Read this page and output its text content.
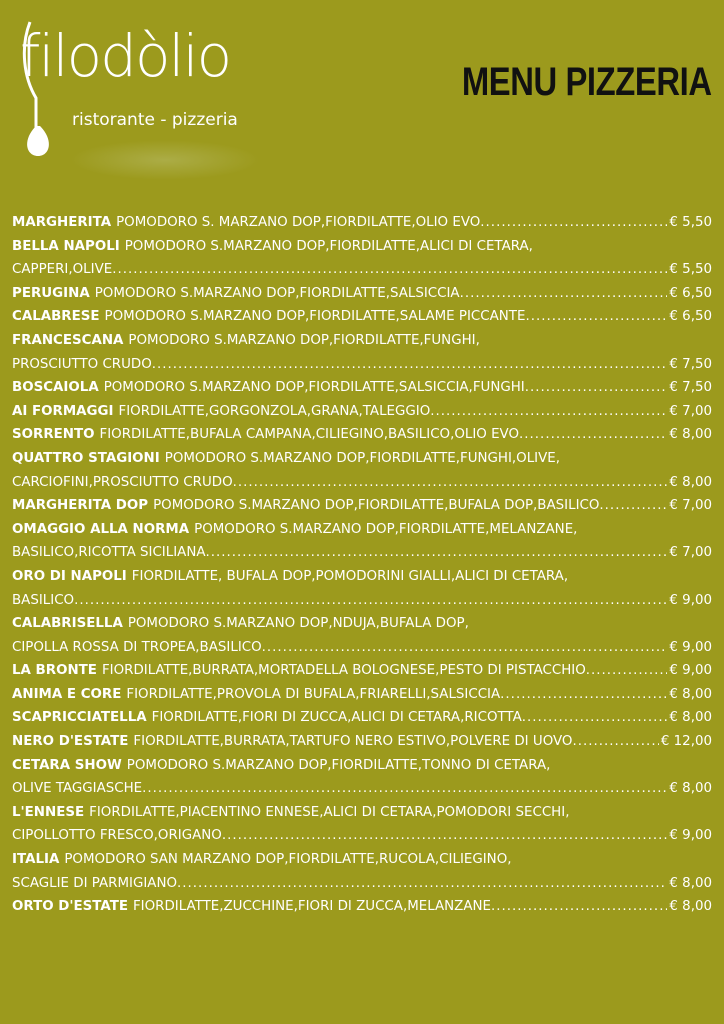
filodòlio
ristorante - pizzeria
MENU PIZZERIA
MARGHERITA POMODORO S. MARZANO DOP,FIORDILATTE,OLIO EVO .....	€ 5,50
BELLA NAPOLI POMODORO S.MARZANO DOP,FIORDILATTE,ALICI DI CETARA,
CAPPERI,OLIVE .....	€ 5,50
PERUGINA POMODORO S.MARZANO DOP,FIORDILATTE,SALSICCIA .....	€ 6,50
CALABRESE POMODORO S.MARZANO DOP,FIORDILATTE,SALAME PICCANTE .....	€ 6,50
FRANCESCANA POMODORO S.MARZANO DOP,FIORDILATTE,FUNGHI,
PROSCIUTTO CRUDO .....	€ 7,50
BOSCAIOLA POMODORO S.MARZANO DOP,FIORDILATTE,SALSICCIA,FUNGHI .....	€ 7,50
AI FORMAGGI FIORDILATTE,GORGONZOLA,GRANA,TALEGGIO .....	€ 7,00
SORRENTO FIORDILATTE,BUFALA CAMPANA,CILIEGINO,BASILICO,OLIO EVO .....	€ 8,00
QUATTRO STAGIONI POMODORO S.MARZANO DOP,FIORDILATTE,FUNGHI,OLIVE,
CARCIOFINI,PROSCIUTTO CRUDO .....	€ 8,00
MARGHERITA DOP POMODORO S.MARZANO DOP,FIORDILATTE,BUFALA DOP,BASILICO .....	€ 7,00
OMAGGIO ALLA NORMA POMODORO S.MARZANO DOP,FIORDILATTE,MELANZANE,
BASILICO,RICOTTA SICILIANA .....	€ 7,00
ORO DI NAPOLI FIORDILATTE, BUFALA DOP,POMODORINI GIALLI,ALICI DI CETARA,
BASILICO .....	€ 9,00
CALABRISELLA POMODORO S.MARZANO DOP,NDUJA,BUFALA DOP,
CIPOLLA ROSSA DI TROPEA,BASILICO .....	€ 9,00
LA BRONTE FIORDILATTE,BURRATA,MORTADELLA BOLOGNESE,PESTO DI PISTACCHIO .....	€ 9,00
ANIMA E CORE FIORDILATTE,PROVOLA DI BUFALA,FRIARELLI,SALSICCIA .....	€ 8,00
SCAPRICCIATELLA FIORDILATTE,FIORI DI ZUCCA,ALICI DI CETARA,RICOTTA .....	€ 8,00
NERO D'ESTATE FIORDILATTE,BURRATA,TARTUFO NERO ESTIVO,POLVERE DI UOVO .....	€ 12,00
CETARA SHOW POMODORO S.MARZANO DOP,FIORDILATTE,TONNO DI CETARA,
OLIVE TAGGIASCHE .....	€ 8,00
L'ENNESE FIORDILATTE,PIACENTINO ENNESE,ALICI DI CETARA,POMODORI SECCHI,
CIPOLLOTTO FRESCO,ORIGANO .....	€ 9,00
ITALIA POMODORO SAN MARZANO DOP,FIORDILATTE,RUCOLA,CILIEGINO,
SCAGLIE DI PARMIGIANO .....	€ 8,00
ORTO D'ESTATE FIORDILATTE,ZUCCHINE,FIORI DI ZUCCA,MELANZANE .....	€ 8,00
